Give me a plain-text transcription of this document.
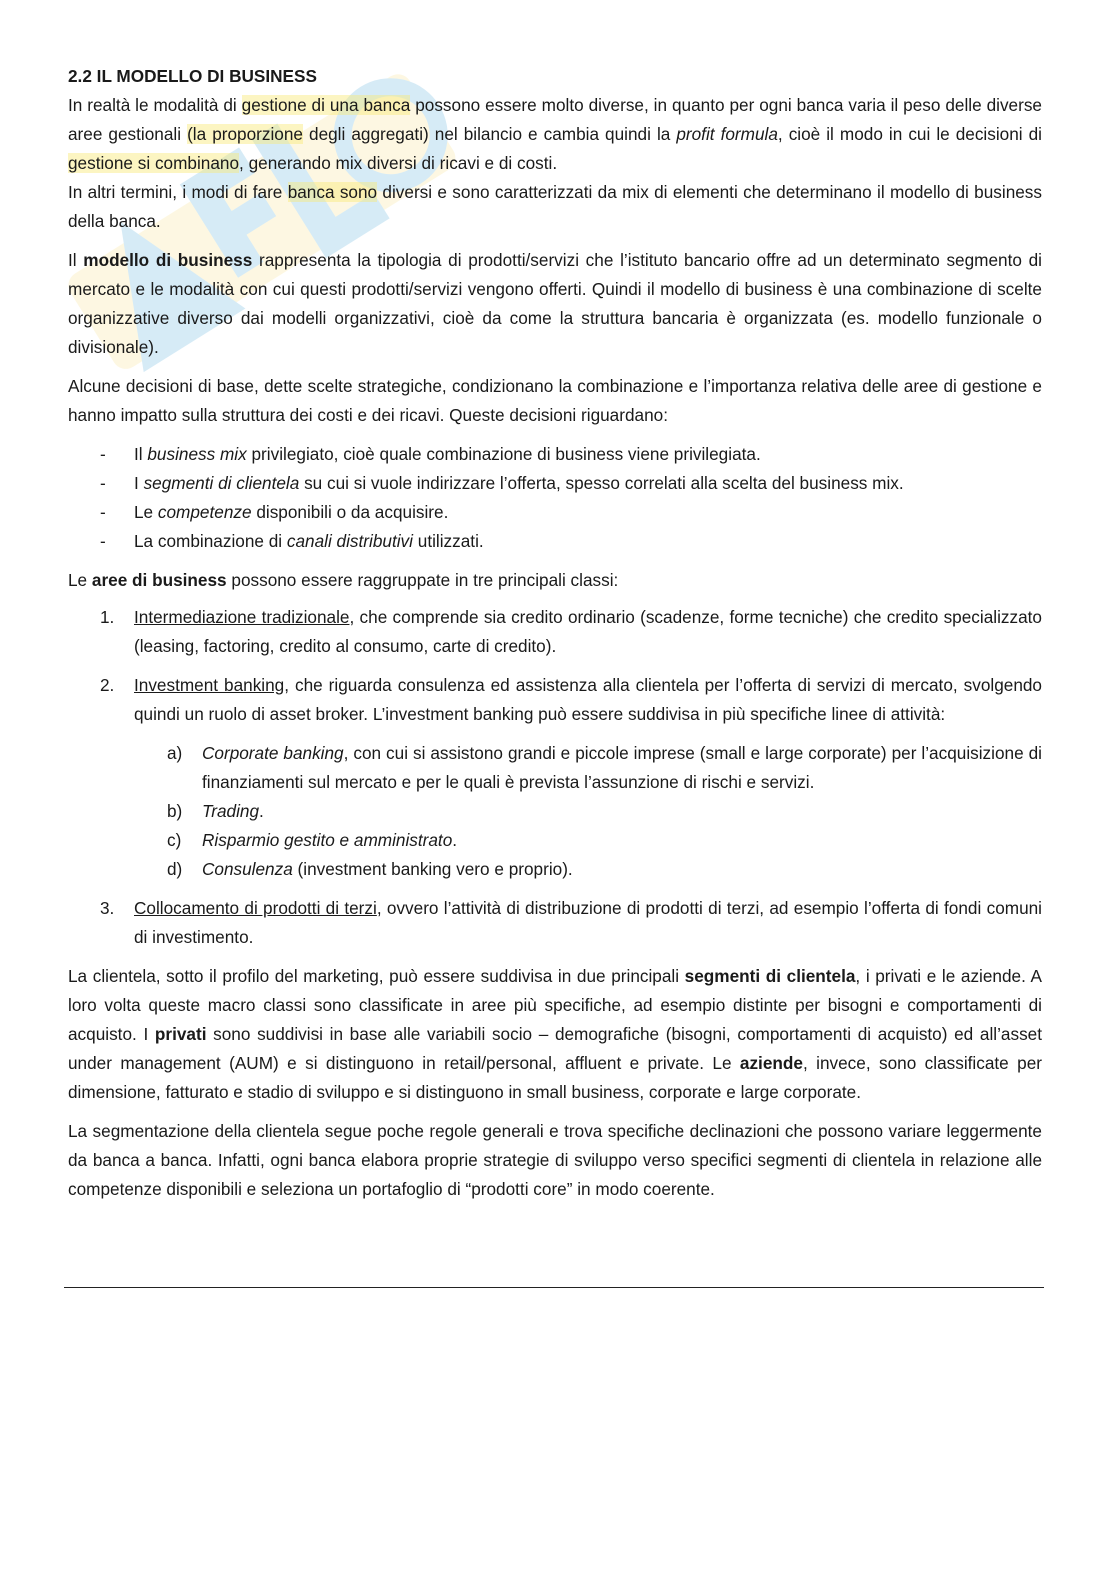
2.2 IL MODELLO DI BUSINESS

In realtà le modalità di gestione di una banca possono essere molto diverse, in quanto per ogni banca varia il peso delle diverse aree gestionali (la proporzione degli aggregati) nel bilancio e cambia quindi la profit formula, cioè il modo in cui le decisioni di gestione si combinano, generando mix diversi di ricavi e di costi.

In altri termini, i modi di fare banca sono diversi e sono caratterizzati da mix di elementi che determinano il modello di business della banca.

Il modello di business rappresenta la tipologia di prodotti/servizi che l’istituto bancario offre ad un determinato segmento di mercato e le modalità con cui questi prodotti/servizi vengono offerti. Quindi il modello di business è una combinazione di scelte organizzative diverso dai modelli organizzativi, cioè da come la struttura bancaria è organizzata (es. modello funzionale o divisionale).

Alcune decisioni di base, dette scelte strategiche, condizionano la combinazione e l’importanza relativa delle aree di gestione e hanno impatto sulla struttura dei costi e dei ricavi. Queste decisioni riguardano:

- Il business mix privilegiato, cioè quale combinazione di business viene privilegiata.
- I segmenti di clientela su cui si vuole indirizzare l’offerta, spesso correlati alla scelta del business mix.
- Le competenze disponibili o da acquisire.
- La combinazione di canali distributivi utilizzati.

Le aree di business possono essere raggruppate in tre principali classi:

1. Intermediazione tradizionale, che comprende sia credito ordinario (scadenze, forme tecniche) che credito specializzato (leasing, factoring, credito al consumo, carte di credito).
2. Investment banking, che riguarda consulenza ed assistenza alla clientela per l’offerta di servizi di mercato, svolgendo quindi un ruolo di asset broker. L’investment banking può essere suddivisa in più specifiche linee di attività:
a) Corporate banking, con cui si assistono grandi e piccole imprese (small e large corporate) per l’acquisizione di finanziamenti sul mercato e per le quali è prevista l’assunzione di rischi e servizi.
b) Trading.
c) Risparmio gestito e amministrato.
d) Consulenza (investment banking vero e proprio).
3. Collocamento di prodotti di terzi, ovvero l’attività di distribuzione di prodotti di terzi, ad esempio l’offerta di fondi comuni di investimento.

La clientela, sotto il profilo del marketing, può essere suddivisa in due principali segmenti di clientela, i privati e le aziende. A loro volta queste macro classi sono classificate in aree più specifiche, ad esempio distinte per bisogni e comportamenti di acquisto. I privati sono suddivisi in base alle variabili socio – demografiche (bisogni, comportamenti di acquisto) ed all’asset under management (AUM) e si distinguono in retail/personal, affluent e private. Le aziende, invece, sono classificate per dimensione, fatturato e stadio di sviluppo e si distinguono in small business, corporate e large corporate.

La segmentazione della clientela segue poche regole generali e trova specifiche declinazioni che possono variare leggermente da banca a banca. Infatti, ogni banca elabora proprie strategie di sviluppo verso specifici segmenti di clientela in relazione alle competenze disponibili e seleziona un portafoglio di “prodotti core” in modo coerente.
